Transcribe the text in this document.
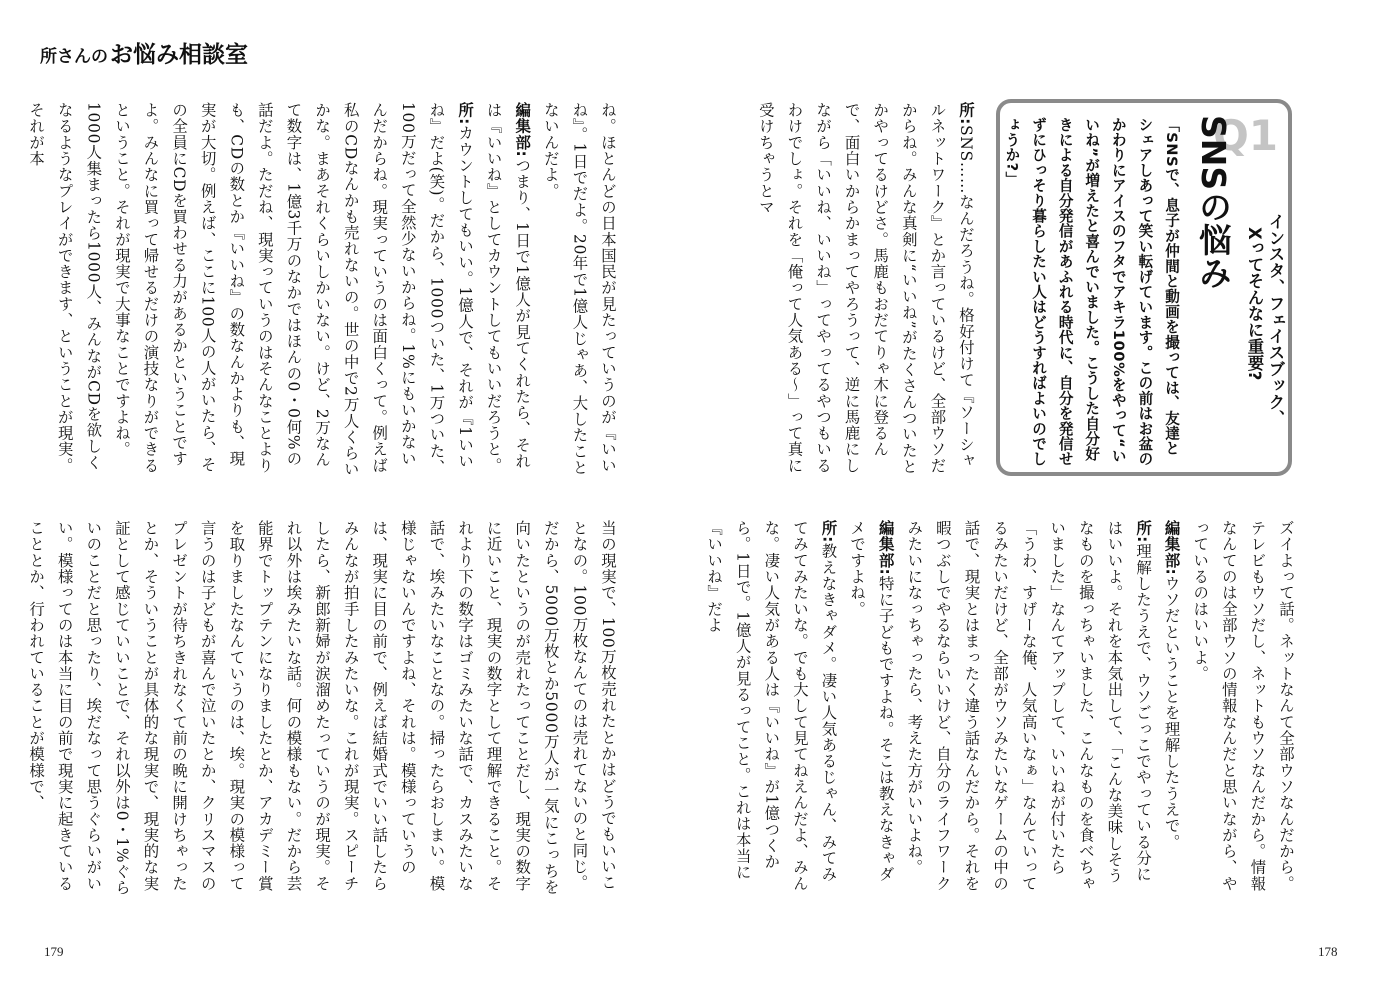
所さんのお悩み相談室
Q1

インスタ、フェイスブック、

Xってそんなに重要?

SNSの悩み
「SNSで、息子が仲間と動画を撮っては、友達とシェアしあって笑い転げています。この前はお盆のかわりにアイスのフタでアキラ100%をやって“いいね”が増えたと喜んでいました。こうした自分好きによる自分発信があふれる時代に、自分を発信せずにひっそり暮らしたい人はどうすればよいのでしょうか?」

所:SNS……なんだろうね。格好付けて『ソーシャルネットワーク』とか言っているけど、全部ウソだからね。みんな真剣に“いいね”がたくさんついたとかやってるけどさ。馬鹿もおだてりゃ木に登るんで、面白いからかまってやろうって、逆に馬鹿にしながら「いいね、いいね」ってやってるやつもいるわけでしょ。それを「俺って人気ある～」って真に受けちゃうとマ

ズイよって話。ネットなんて全部ウソなんだから。テレビもウソだし、ネットもウソなんだから。情報なんてのは全部ウソの情報なんだと思いながら、やっているのはいいよ。

編集部:ウソだということを理解したうえで。

所:理解したうえで、ウソごっこでやっている分にはいいよ。それを本気出して、「こんな美味しそうなものを撮っちゃいました、こんなものを食べちゃいました」なんてアップして、いいねが付いたら「うわ、すげーな俺、人気高いなぁ」なんていってるみたいだけど、全部がウソみたいなゲームの中の話で、現実とはまったく違う話なんだから。それを暇つぶしでやるならいいけど、自分のライフワークみたいになっちゃったら、考えた方がいいよね。

編集部:特に子どもですよね。そこは教えなきゃダメですよね。

所:教えなきゃダメ。凄い人気あるじゃん、みてみてみてみたいな。でも大して見てねえんだよ、みんな。凄い人気がある人は『いいね』が1億つくから。1日で。1億人が見るってこと。これは本当に『いいね』だよ

ね。ほとんどの日本国民が見たっていうのが『いいね』。1日でだよ。20年で1億人じゃあ、大したことないんだよ。

編集部:つまり、1日で1億人が見てくれたら、それは『いいね』としてカウントしてもいいだろうと。

所:カウントしてもいい。1億人で、それが『1いいね』だよ(笑)。だから、1000ついた、1万ついた、100万だって全然少ないからね。1%にもいかないんだからね。現実っていうのは面白くって。例えば私のCDなんかも売れないの。世の中で2万人くらいかな。まあそれくらいしかいない。けど、2万なんて数字は、1億3千万のなかではほんの0・0何%の話だよ。ただね、現実っていうのはそんなことよりも、CDの数とか『いいね』の数なんかよりも、現実が大切。例えば、ここに100人の人がいたら、その全員にCDを買わせる力があるかということですよ。みんなに買って帰せるだけの演技なりができるということ。それが現実で大事なことですよね。1000人集まったら1000人、みんながCDを欲しくなるようなプレイができます、ということが現実。それが本

当の現実で、100万枚売れたとかはどうでもいいことなの。100万枚なんてのは売れてないのと同じ。だから、5000万枚とか5000万人が一気にこっちを向いたというのが売れたってことだし、現実の数字に近いこと、現実の数字として理解できること。それより下の数字はゴミみたいな話で、カスみたいな話で、埃みたいなことなの。掃ったらおしまい。模様じゃないんですよね、それは。模様っていうのは、現実に目の前で、例えば結婚式でいい話したらみんなが拍手したみたいな。これが現実。スピーチしたら、新郎新婦が涙溜めたっていうのが現実。それ以外は埃みたいな話。何の模様もない。だから芸能界でトップテンになりましたとか、アカデミー賞を取りましたなんていうのは、埃。現実の模様って言うのは子どもが喜んで泣いたとか、クリスマスのプレゼントが待ちきれなくて前の晩に開けちゃったとか、そういうことが具体的な現実で、現実的な実証として感じていいことで、それ以外は0・1%ぐらいのことだと思ったり、埃だなって思うぐらいがいい。模様ってのは本当に目の前で現実に起きていることとか、行われていることが模様で、

179	178
